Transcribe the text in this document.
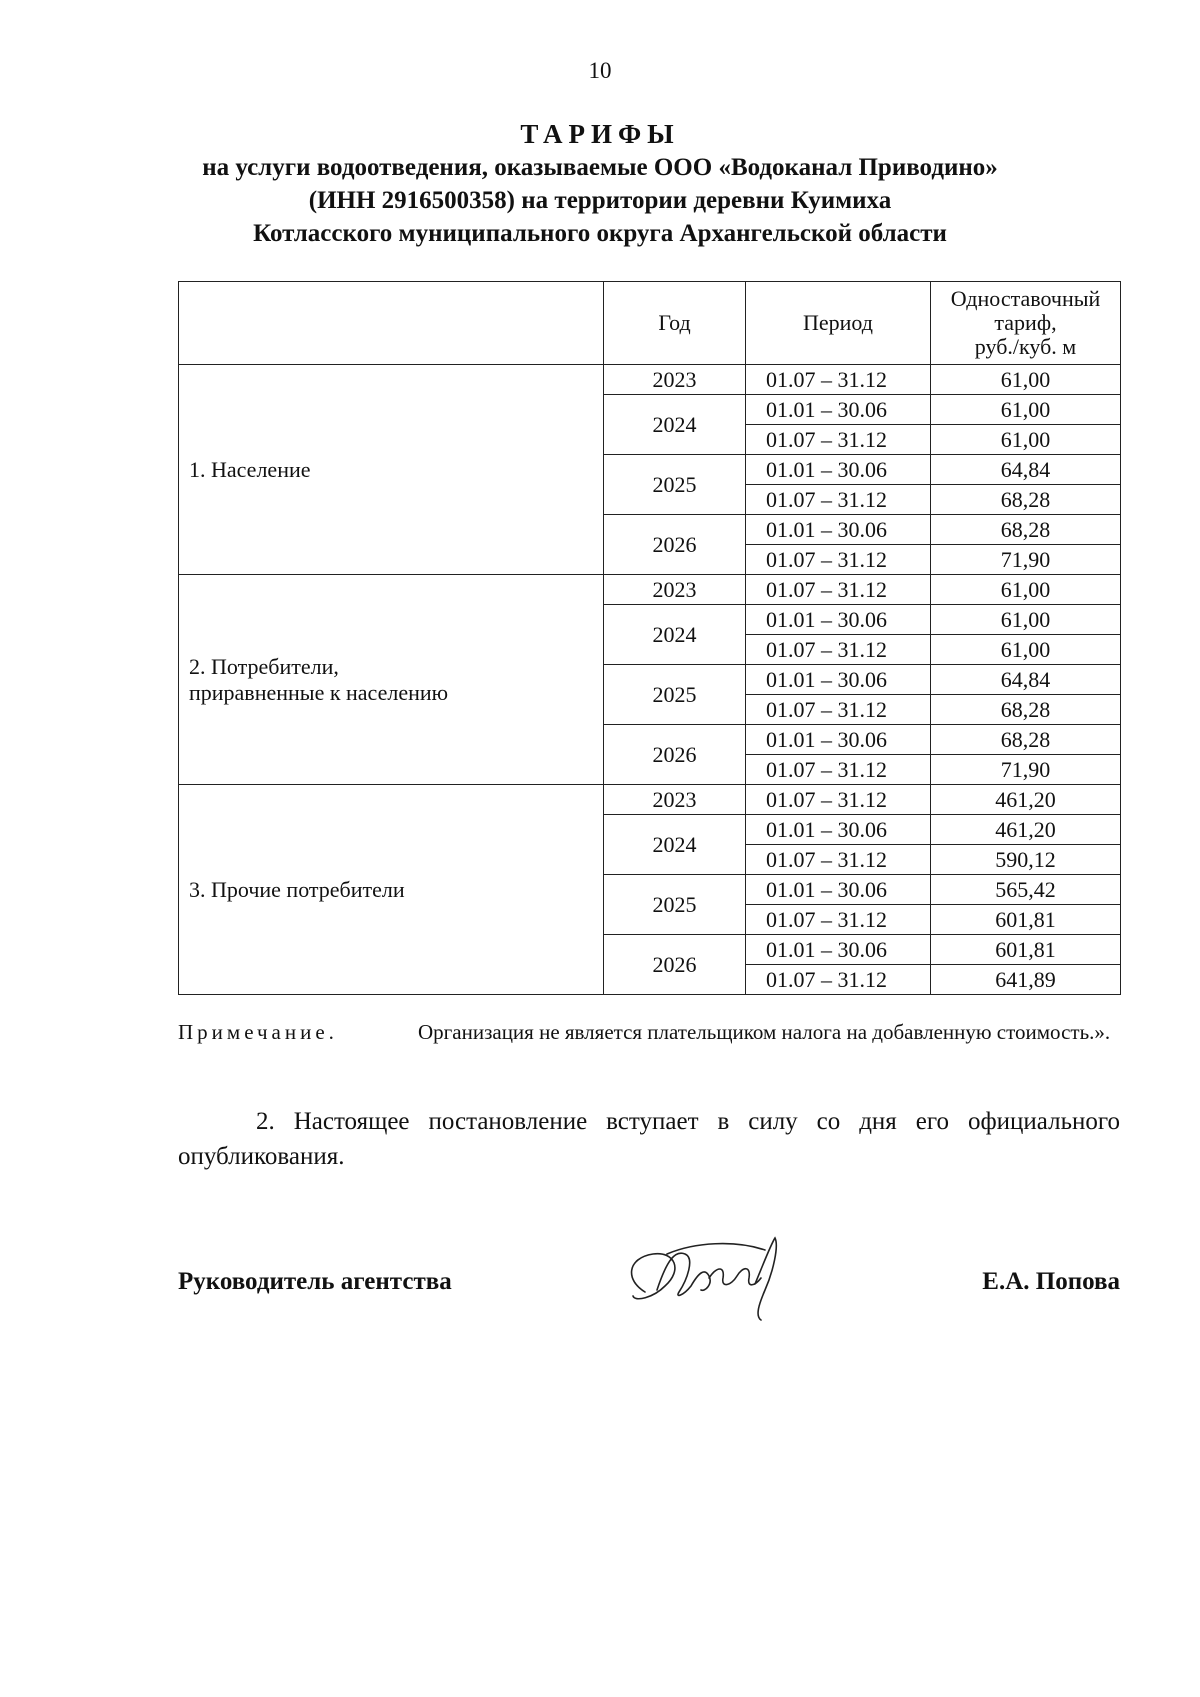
10
ТАРИФЫ
на услуги водоотведения, оказываемые ООО «Водоканал Приводино»
(ИНН 2916500358) на территории деревни Куимиха
Котласского муниципального округа Архангельской области
	Год	Период	Одноставочный
тариф,
руб./куб. м
1. Население	2023	01.07 – 31.12	61,00
	2024	01.01 – 30.06	61,00
		01.07 – 31.12	61,00
	2025	01.01 – 30.06	64,84
		01.07 – 31.12	68,28
	2026	01.01 – 30.06	68,28
		01.07 – 31.12	71,90
2. Потребители,
приравненные к населению	2023	01.07 – 31.12	61,00
	2024	01.01 – 30.06	61,00
		01.07 – 31.12	61,00
	2025	01.01 – 30.06	64,84
		01.07 – 31.12	68,28
	2026	01.01 – 30.06	68,28
		01.07 – 31.12	71,90
3. Прочие потребители	2023	01.07 – 31.12	461,20
	2024	01.01 – 30.06	461,20
		01.07 – 31.12	590,12
	2025	01.01 – 30.06	565,42
		01.07 – 31.12	601,81
	2026	01.01 – 30.06	601,81
		01.07 – 31.12	641,89
Примечание.	Организация не является плательщиком налога на добавленную стоимость.».
2. Настоящее постановление вступает в силу со дня его официального опубликования.
Руководитель агентства	Е.А. Попова
